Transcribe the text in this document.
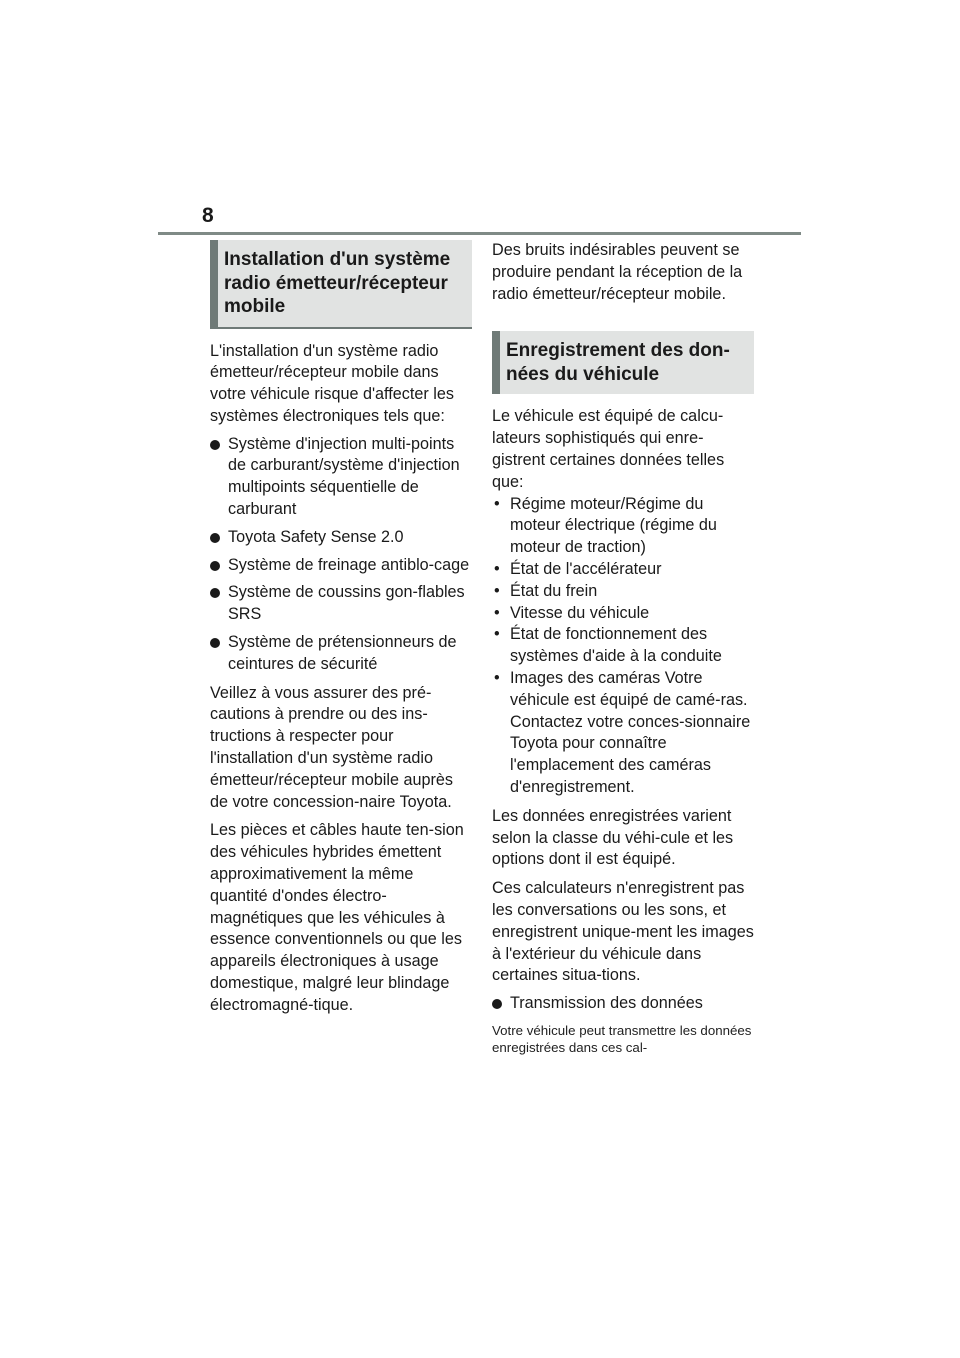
8
Installation d'un système radio émetteur/récepteur mobile

L'installation d'un système radio émetteur/récepteur mobile dans votre véhicule risque d'affecter les systèmes électroniques tels que:

Système d'injection multi-points de carburant/système d'injection multipoints séquentielle de carburant
Toyota Safety Sense 2.0
Système de freinage antiblo-cage
Système de coussins gon-flables SRS
Système de prétensionneurs de ceintures de sécurité

Veillez à vous assurer des pré-cautions à prendre ou des ins-tructions à respecter pour l'installation d'un système radio émetteur/récepteur mobile auprès de votre concession-naire Toyota.

Les pièces et câbles haute ten-sion des véhicules hybrides émettent approximativement la même quantité d'ondes électro-magnétiques que les véhicules à essence conventionnels ou que les appareils électroniques à usage domestique, malgré leur blindage électromagné-tique.

Des bruits indésirables peuvent se produire pendant la réception de la radio émetteur/récepteur mobile.

Enregistrement des don-nées du véhicule

Le véhicule est équipé de calcu-lateurs sophistiqués qui enre-gistrent certaines données telles que:

• Régime moteur/Régime du moteur électrique (régime du moteur de traction)
• État de l'accélérateur
• État du frein
• Vitesse du véhicule
• État de fonctionnement des systèmes d'aide à la conduite
• Images des caméras Votre véhicule est équipé de camé-ras. Contactez votre conces-sionnaire Toyota pour connaître l'emplacement des caméras d'enregistrement.

Les données enregistrées varient selon la classe du véhi-cule et les options dont il est équipé.

Ces calculateurs n'enregistrent pas les conversations ou les sons, et enregistrent unique-ment les images à l'extérieur du véhicule dans certaines situa-tions.

Transmission des données

Votre véhicule peut transmettre les données enregistrées dans ces cal-
